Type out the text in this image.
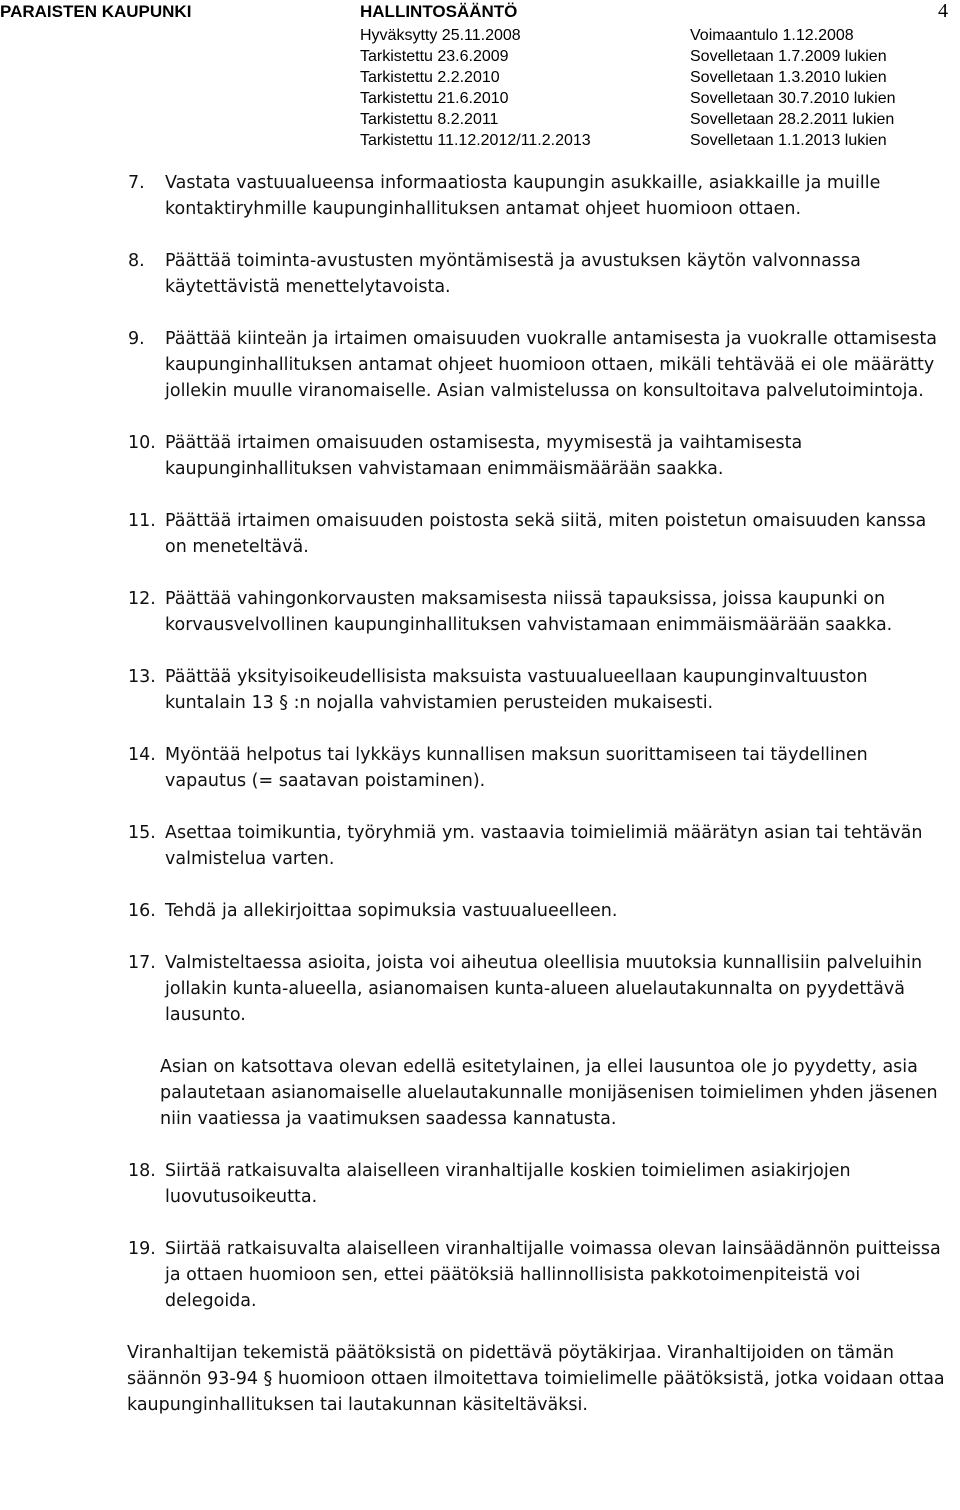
PARAISTEN KAUPUNKI	HALLINTOSÄÄNTÖ	4
Hyväksytty 25.11.2008
Tarkistettu 23.6.2009
Tarkistettu 2.2.2010
Tarkistettu 21.6.2010
Tarkistettu 8.2.2011
Tarkistettu 11.12.2012/11.2.2013
Voimaantulo 1.12.2008
Sovelletaan 1.7.2009 lukien
Sovelletaan 1.3.2010 lukien
Sovelletaan 30.7.2010 lukien
Sovelletaan 28.2.2011 lukien
Sovelletaan 1.1.2013 lukien
7. Vastata vastuualueensa informaatiosta kaupungin asukkaille, asiakkaille ja muille kontaktiryhmille kaupunginhallituksen antamat ohjeet huomioon ottaen.
8. Päättää toiminta-avustusten myöntämisestä ja avustuksen käytön valvonnassa käytettävistä menettelytavoista.
9. Päättää kiinteän ja irtaimen omaisuuden vuokralle antamisesta ja vuokralle ottamisesta kaupunginhallituksen antamat ohjeet huomioon ottaen, mikäli tehtävää ei ole määrätty jollekin muulle viranomaiselle. Asian valmistelussa on konsultoitava palvelutoimintoja.
10. Päättää irtaimen omaisuuden ostamisesta, myymisestä ja vaihtamisesta kaupunginhallituksen vahvistamaan enimmäismäärään saakka.
11. Päättää irtaimen omaisuuden poistosta sekä siitä, miten poistetun omaisuuden kanssa on meneteltävä.
12. Päättää vahingonkorvausten maksamisesta niissä tapauksissa, joissa kaupunki on korvausvelvollinen kaupunginhallituksen vahvistamaan enimmäismäärään saakka.
13. Päättää yksityisoikeudellisista maksuista vastuualueellaan kaupunginvaltuuston kuntalain 13 § :n nojalla vahvistamien perusteiden mukaisesti.
14. Myöntää helpotus tai lykkäys kunnallisen maksun suorittamiseen tai täydellinen vapautus (= saatavan poistaminen).
15. Asettaa toimikuntia, työryhmiä ym. vastaavia toimielimiä määrätyn asian tai tehtävän valmistelua varten.
16. Tehdä ja allekirjoittaa sopimuksia vastuualueelleen.
17. Valmisteltaessa asioita, joista voi aiheutua oleellisia muutoksia kunnallisiin palveluihin jollakin kunta-alueella, asianomaisen kunta-alueen aluelautakunnalta on pyydettävä lausunto.
Asian on katsottava olevan edellä esitetylainen, ja ellei lausuntoa ole jo pyydetty, asia palautetaan asianomaiselle aluelautakunnalle monijäsenisen toimielimen yhden jäsenen niin vaatiessa ja vaatimuksen saadessa kannatusta.
18. Siirtää ratkaisuvalta alaiselleen viranhaltijalle koskien toimielimen asiakirjojen luovutusoikeutta.
19. Siirtää ratkaisuvalta alaiselleen viranhaltijalle voimassa olevan lainsäädännön puitteissa ja ottaen huomioon sen, ettei päätöksiä hallinnollisista pakkotoimenpiteistä voi delegoida.
Viranhaltijan tekemistä päätöksistä on pidettävä pöytäkirjaa. Viranhaltijoiden on tämän säännön 93-94 § huomioon ottaen ilmoitettava toimielimelle päätöksistä, jotka voidaan ottaa kaupunginhallituksen tai lautakunnan käsiteltäväksi.
